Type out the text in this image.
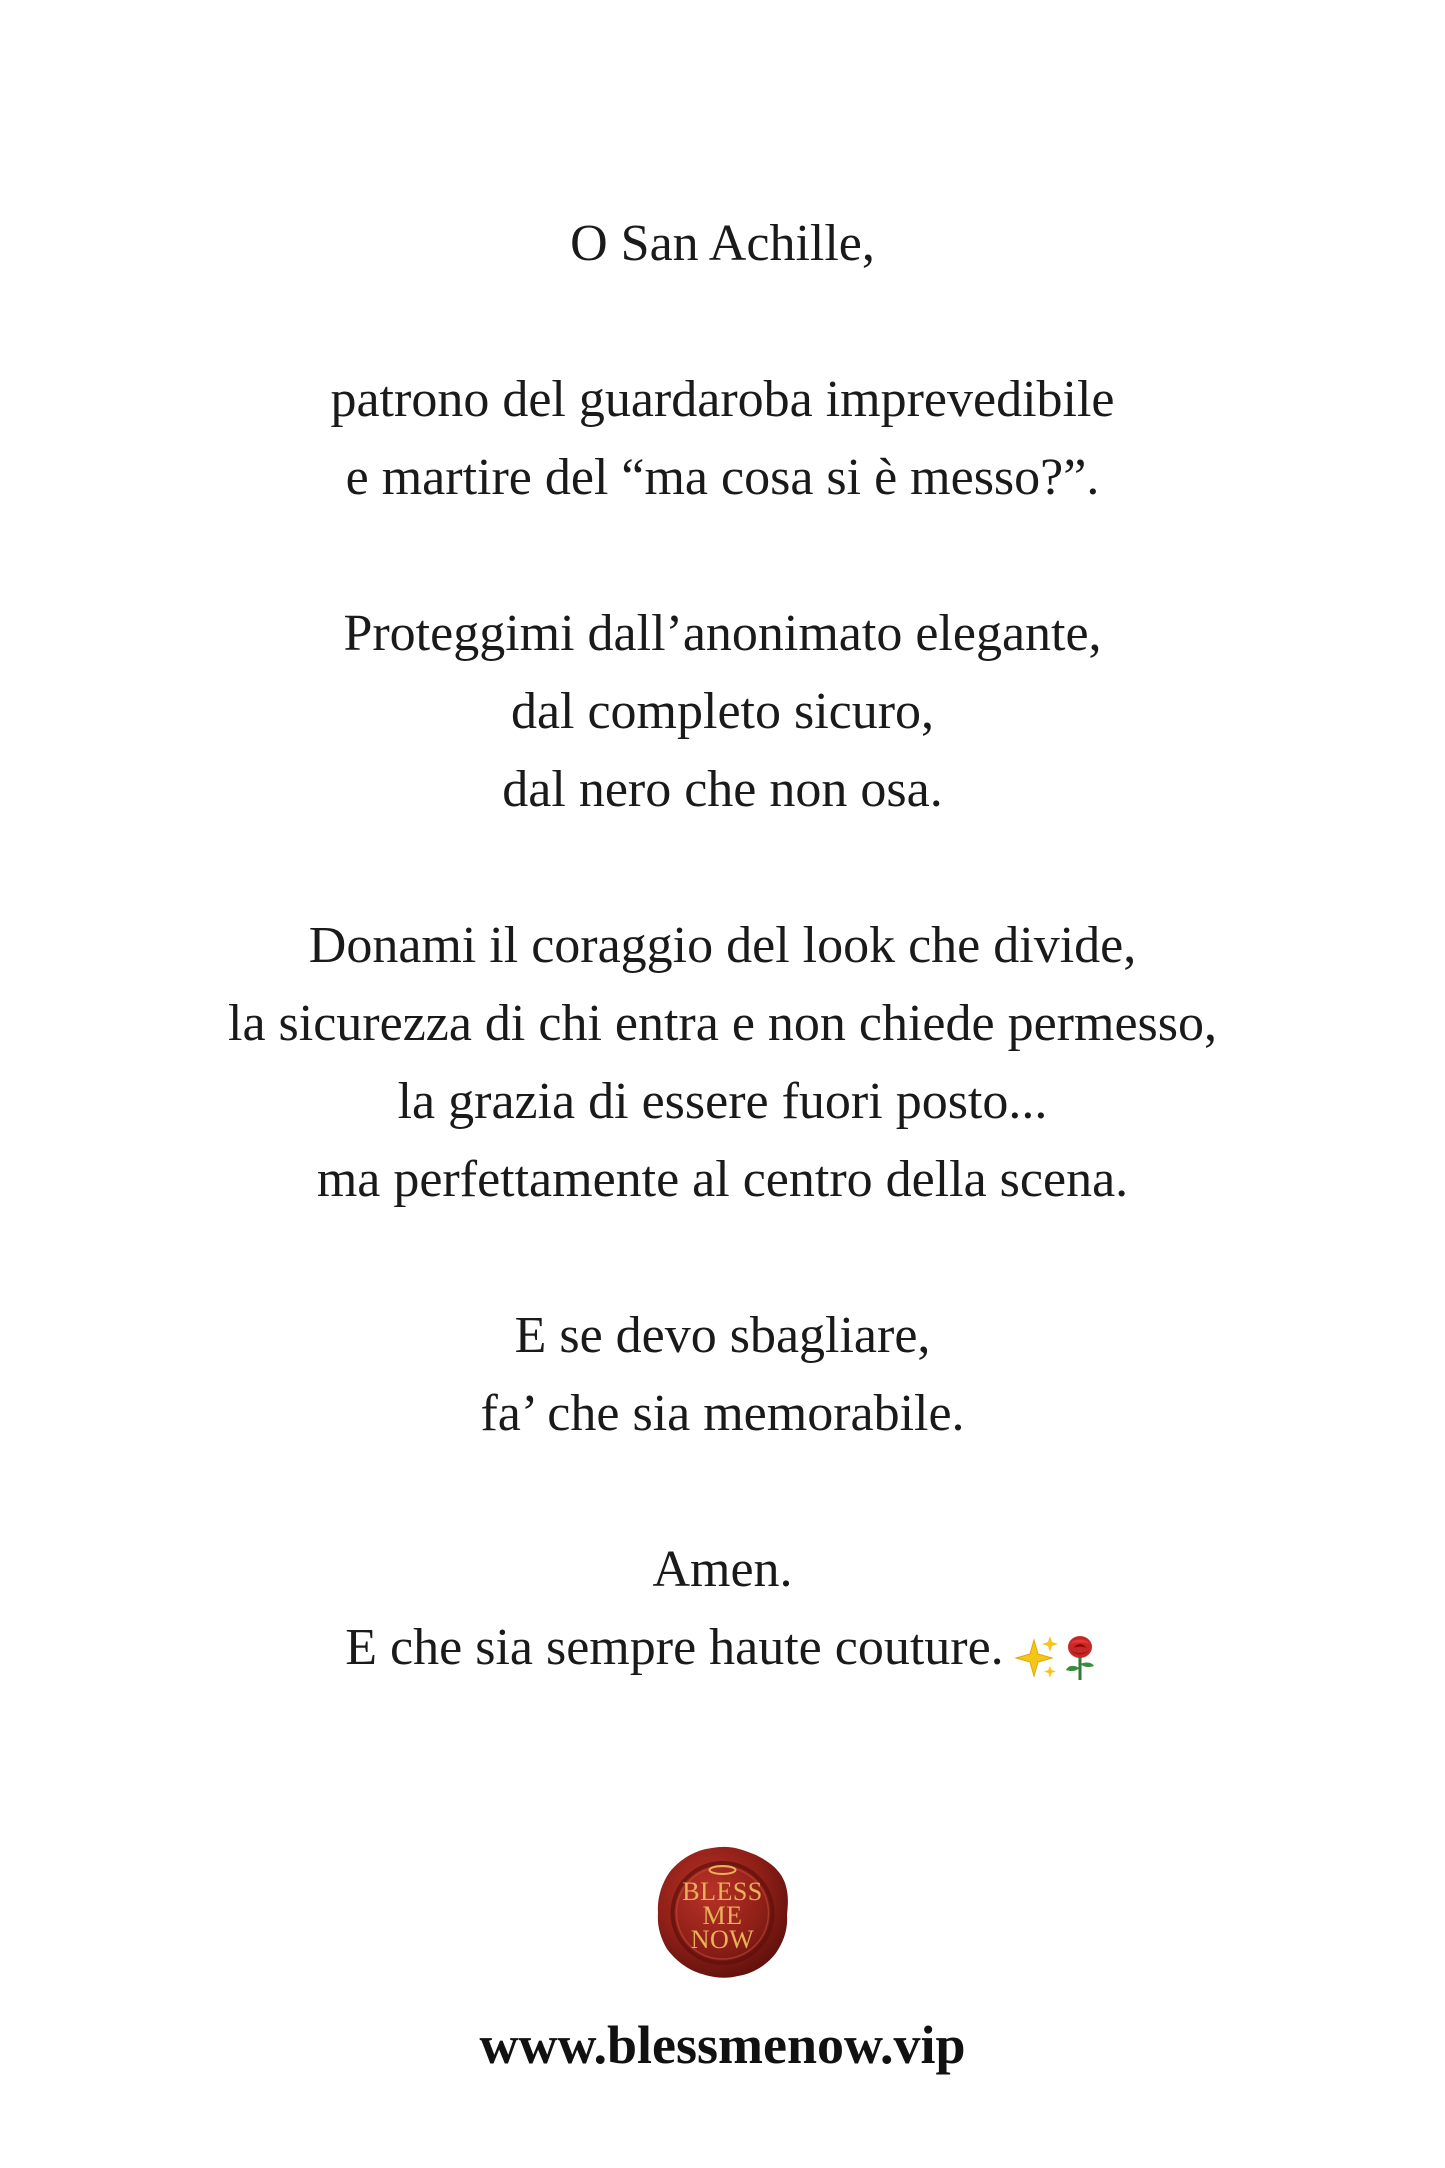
O San Achille,
patrono del guardaroba imprevedibile
e martire del “ma cosa si è messo?”.
Proteggimi dall’anonimato elegante,
dal completo sicuro,
dal nero che non osa.
Donami il coraggio del look che divide,
la sicurezza di chi entra e non chiede permesso,
la grazia di essere fuori posto...
ma perfettamente al centro della scena.
E se devo sbagliare,
fa’ che sia memorabile.
Amen.
E che sia sempre haute couture.
BLESS
ME
NOW
www.blessmenow.vip
